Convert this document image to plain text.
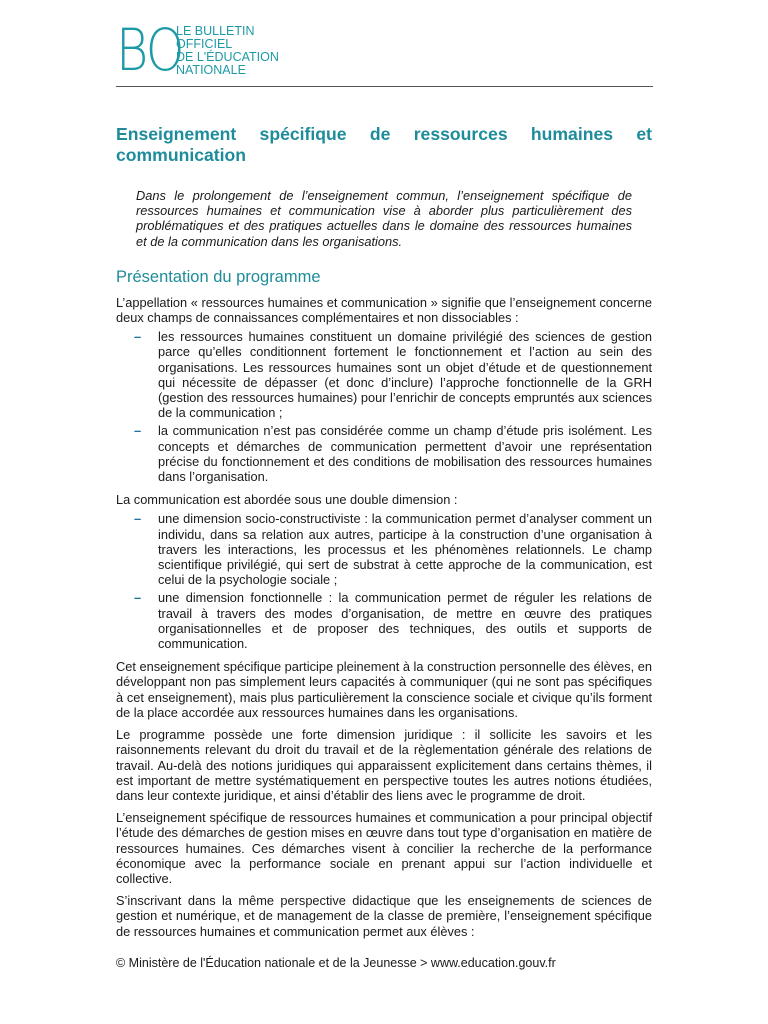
BO
LE BULLETIN
OFFICIEL
DE L'ÉDUCATION
NATIONALE
Enseignement spécifique de ressources humaines et communication

Dans le prolongement de l’enseignement commun, l’enseignement spécifique de ressources humaines et communication vise à aborder plus particulièrement des problématiques et des pratiques actuelles dans le domaine des ressources humaines et de la communication dans les organisations.

Présentation du programme

L’appellation « ressources humaines et communication » signifie que l’enseignement concerne deux champs de connaissances complémentaires et non dissociables :

– les ressources humaines constituent un domaine privilégié des sciences de gestion parce qu’elles conditionnent fortement le fonctionnement et l’action au sein des organisations. Les ressources humaines sont un objet d’étude et de questionnement qui nécessite de dépasser (et donc d’inclure) l’approche fonctionnelle de la GRH (gestion des ressources humaines) pour l’enrichir de concepts empruntés aux sciences de la communication ;
– la communication n’est pas considérée comme un champ d’étude pris isolément. Les concepts et démarches de communication permettent d’avoir une représentation précise du fonctionnement et des conditions de mobilisation des ressources humaines dans l’organisation.

La communication est abordée sous une double dimension :

– une dimension socio-constructiviste : la communication permet d’analyser comment un individu, dans sa relation aux autres, participe à la construction d’une organisation à travers les interactions, les processus et les phénomènes relationnels. Le champ scientifique privilégié, qui sert de substrat à cette approche de la communication, est celui de la psychologie sociale ;
– une dimension fonctionnelle : la communication permet de réguler les relations de travail à travers des modes d’organisation, de mettre en œuvre des pratiques organisationnelles et de proposer des techniques, des outils et supports de communication.

Cet enseignement spécifique participe pleinement à la construction personnelle des élèves, en développant non pas simplement leurs capacités à communiquer (qui ne sont pas spécifiques à cet enseignement), mais plus particulièrement la conscience sociale et civique qu’ils forment de la place accordée aux ressources humaines dans les organisations.

Le programme possède une forte dimension juridique : il sollicite les savoirs et les raisonnements relevant du droit du travail et de la règlementation générale des relations de travail. Au-delà des notions juridiques qui apparaissent explicitement dans certains thèmes, il est important de mettre systématiquement en perspective toutes les autres notions étudiées, dans leur contexte juridique, et ainsi d’établir des liens avec le programme de droit.

L’enseignement spécifique de ressources humaines et communication a pour principal objectif l’étude des démarches de gestion mises en œuvre dans tout type d’organisation en matière de ressources humaines. Ces démarches visent à concilier la recherche de la performance économique avec la performance sociale en prenant appui sur l’action individuelle et collective.

S’inscrivant dans la même perspective didactique que les enseignements de sciences de gestion et numérique, et de management de la classe de première, l’enseignement spécifique de ressources humaines et communication permet aux élèves :

© Ministère de l'Éducation nationale et de la Jeunesse > www.education.gouv.fr
